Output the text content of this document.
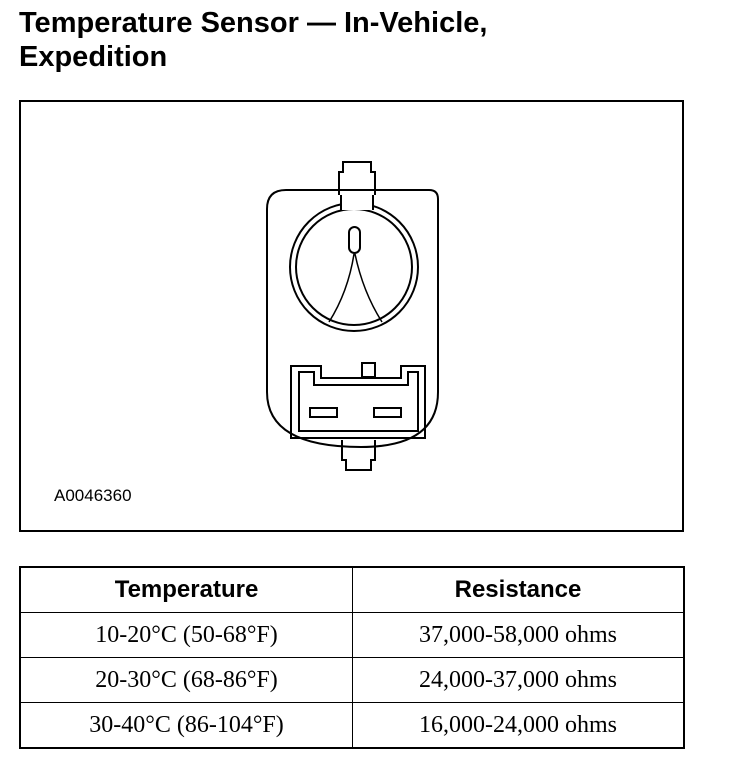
Temperature Sensor — In-Vehicle,
Expedition
A0046360
Temperature	Resistance
10-20°C (50-68°F)	37,000-58,000 ohms
20-30°C (68-86°F)	24,000-37,000 ohms
30-40°C (86-104°F)	16,000-24,000 ohms
